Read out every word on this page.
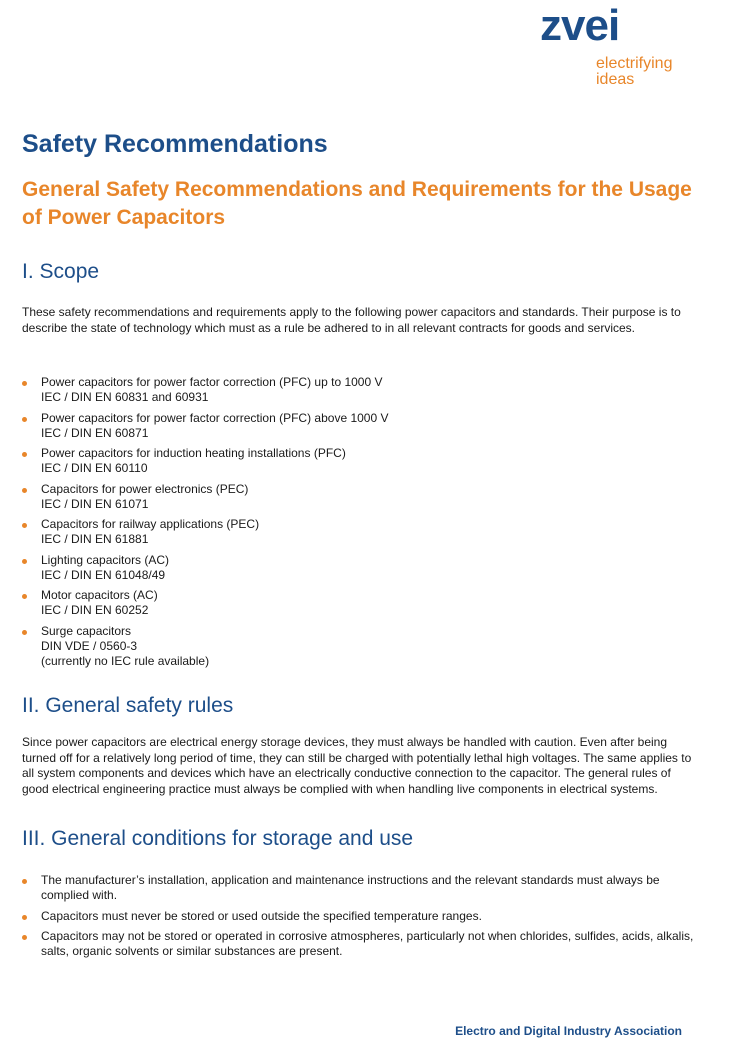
zvei
electrifying
ideas
Safety Recommendations
General Safety Recommendations and Requirements for the Usage of Power Capacitors
I. Scope

These safety recommendations and requirements apply to the following power capacitors and standards. Their purpose is to describe the state of technology which must as a rule be adhered to in all relevant contracts for goods and services.

Power capacitors for power factor correction (PFC) up to 1000 V
IEC / DIN EN 60831 and 60931
Power capacitors for power factor correction (PFC) above 1000 V
IEC / DIN EN 60871
Power capacitors for induction heating installations (PFC)
IEC / DIN EN 60110
Capacitors for power electronics (PEC)
IEC / DIN EN 61071
Capacitors for railway applications (PEC)
IEC / DIN EN 61881
Lighting capacitors (AC)
IEC / DIN EN 61048/49
Motor capacitors (AC)
IEC / DIN EN 60252
Surge capacitors
DIN VDE / 0560-3
(currently no IEC rule available)
II. General safety rules

Since power capacitors are electrical energy storage devices, they must always be handled with caution. Even after being turned off for a relatively long period of time, they can still be charged with potentially lethal high voltages. The same applies to all system components and devices which have an electrically conductive connection to the capacitor. The general rules of good electrical engineering practice must always be complied with when handling live components in electrical systems.

III. General conditions for storage and use
The manufacturer’s installation, application and maintenance instructions and the relevant standards must always be complied with.
Capacitors must never be stored or used outside the specified temperature ranges.
Capacitors may not be stored or operated in corrosive atmospheres, particularly not when chlorides, sulfides, acids, alkalis, salts, organic solvents or similar substances are present.
Electro and Digital Industry Association
